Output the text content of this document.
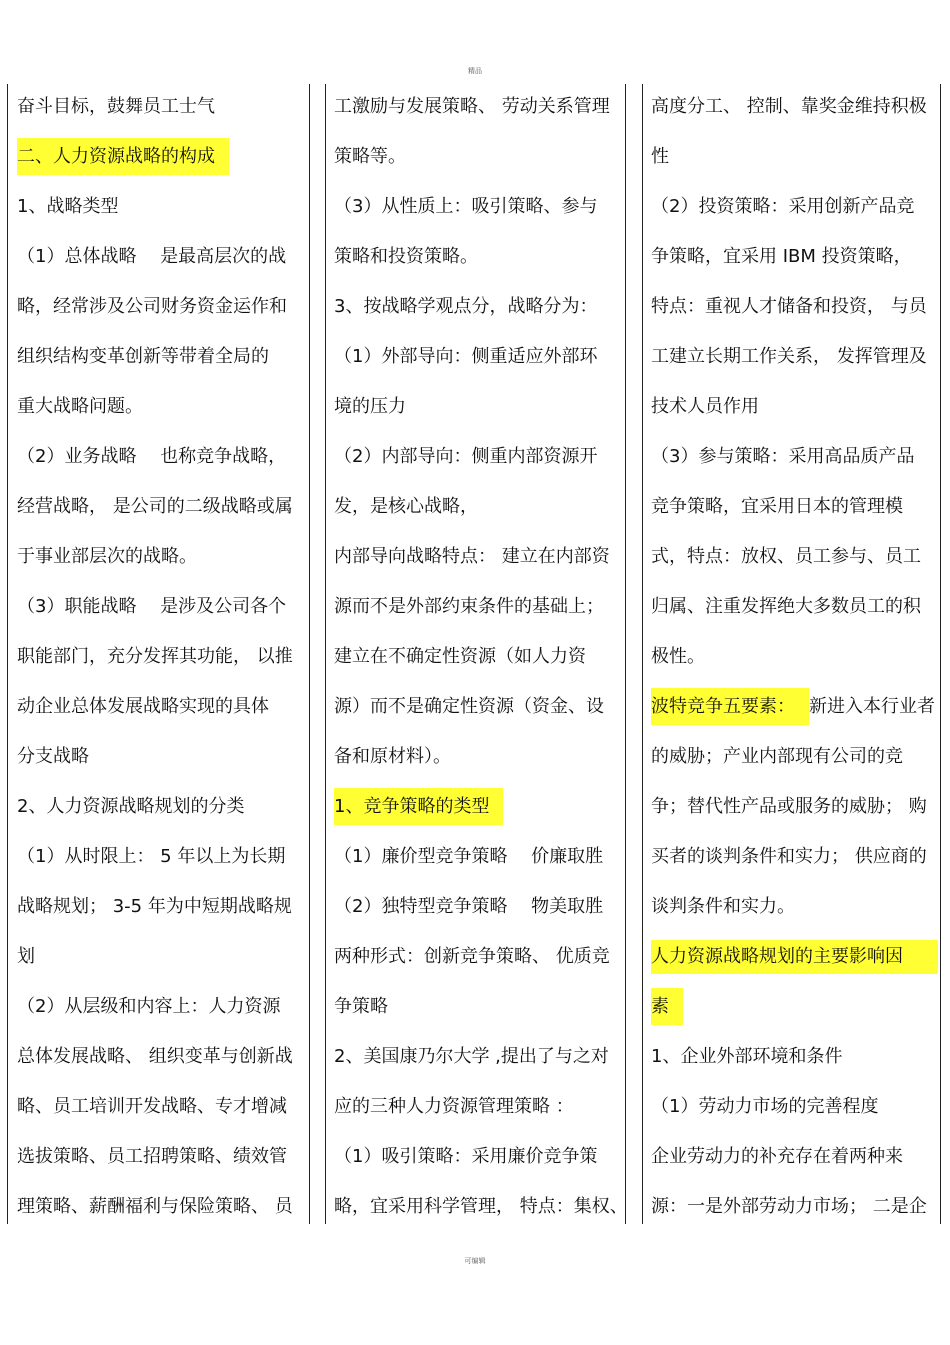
精品
奋斗目标，鼓舞员工士气
二、人力资源战略的构成
1、战略类型
（1）总体战略　 是最高层次的战
略，经常涉及公司财务资金运作和
组织结构变革创新等带着全局的
重大战略问题。
（2）业务战略　 也称竞争战略，
经营战略， 是公司的二级战略或属
于事业部层次的战略。
（3）职能战略　 是涉及公司各个
职能部门，充分发挥其功能， 以推
动企业总体发展战略实现的具体
分支战略
2、人力资源战略规划的分类
（1）从时限上： 5 年以上为长期
战略规划； 3-5 年为中短期战略规
划
（2）从层级和内容上：人力资源
总体发展战略、 组织变革与创新战
略、员工培训开发战略、专才增减
选拔策略、员工招聘策略、绩效管
理策略、薪酬福利与保险策略、 员
工激励与发展策略、 劳动关系管理
策略等。
（3）从性质上：吸引策略、参与
策略和投资策略。
3、按战略学观点分，战略分为：
（1）外部导向：侧重适应外部环
境的压力
（2）内部导向：侧重内部资源开
发，是核心战略，
内部导向战略特点： 建立在内部资
源而不是外部约束条件的基础上；
建立在不确定性资源（如人力资
源）而不是确定性资源（资金、设
备和原材料）。
1、竞争策略的类型
（1）廉价型竞争策略　 价廉取胜
（2）独特型竞争策略　 物美取胜
两种形式：创新竞争策略、 优质竞
争策略
2、美国康乃尔大学 ,提出了与之对
应的三种人力资源管理策略 ：
（1）吸引策略：采用廉价竞争策
略，宜采用科学管理， 特点：集权、
高度分工、 控制、靠奖金维持积极
性
（2）投资策略：采用创新产品竞
争策略，宜采用 IBM 投资策略，
特点：重视人才储备和投资， 与员
工建立长期工作关系， 发挥管理及
技术人员作用
（3）参与策略：采用高品质产品
竞争策略，宜采用日本的管理模
式，特点：放权、员工参与、员工
归属、注重发挥绝大多数员工的积
极性。
波特竞争五要素： 新进入本行业者
的威胁；产业内部现有公司的竞
争；替代性产品或服务的威胁； 购
买者的谈判条件和实力； 供应商的
谈判条件和实力。
人力资源战略规划的主要影响因
素
1、企业外部环境和条件
（1）劳动力市场的完善程度
企业劳动力的补充存在着两种来
源：一是外部劳动力市场； 二是企
可编辑
